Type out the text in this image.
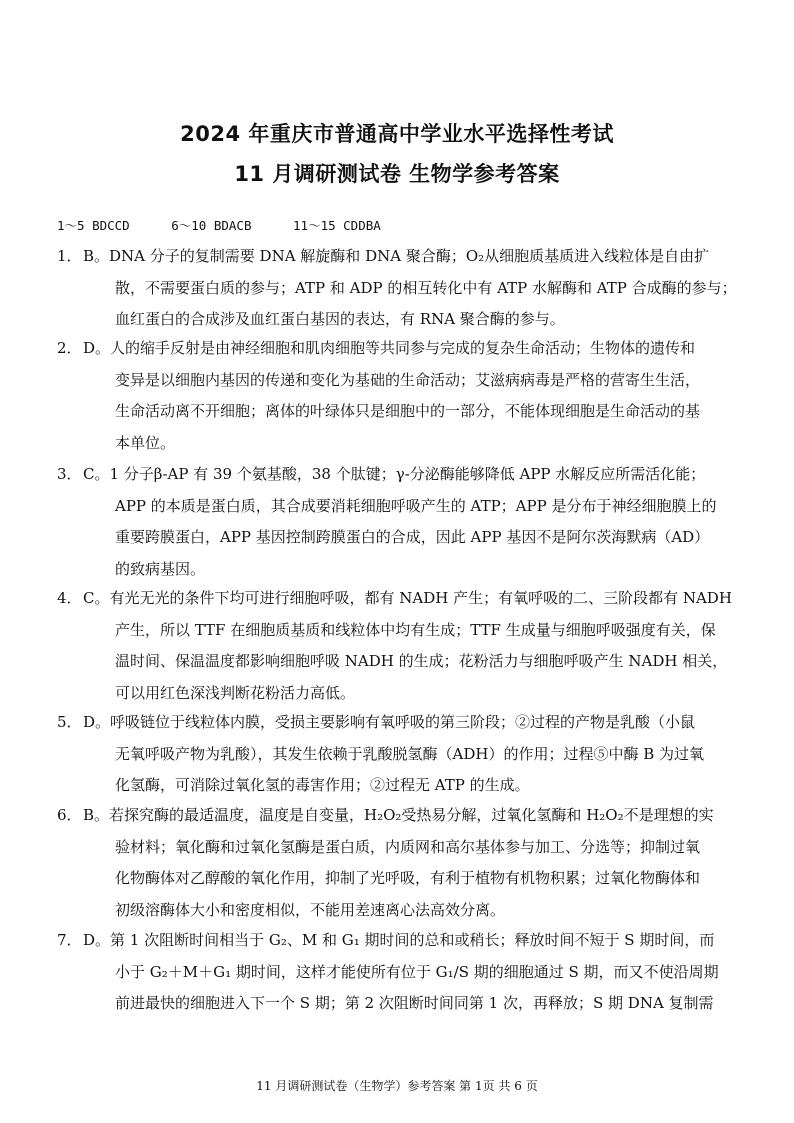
2024 年重庆市普通高中学业水平选择性考试
11 月调研测试卷 生物学参考答案
1～5 BDCCD	6～10 BDACB	11～15 CDDBA
1． B。DNA 分子的复制需要 DNA 解旋酶和 DNA 聚合酶；O₂从细胞质基质进入线粒体是自由扩

散，不需要蛋白质的参与；ATP 和 ADP 的相互转化中有 ATP 水解酶和 ATP 合成酶的参与；

血红蛋白的合成涉及血红蛋白基因的表达，有 RNA 聚合酶的参与。

2． D。人的缩手反射是由神经细胞和肌肉细胞等共同参与完成的复杂生命活动；生物体的遗传和

变异是以细胞内基因的传递和变化为基础的生命活动；艾滋病病毒是严格的营寄生生活，

生命活动离不开细胞；离体的叶绿体只是细胞中的一部分，不能体现细胞是生命活动的基

本单位。

3． C。1 分子β-AP 有 39 个氨基酸，38 个肽键；γ-分泌酶能够降低 APP 水解反应所需活化能；

APP 的本质是蛋白质，其合成要消耗细胞呼吸产生的 ATP；APP 是分布于神经细胞膜上的

重要跨膜蛋白，APP 基因控制跨膜蛋白的合成，因此 APP 基因不是阿尔茨海默病（AD）

的致病基因。

4． C。有光无光的条件下均可进行细胞呼吸，都有 NADH 产生；有氧呼吸的二、三阶段都有 NADH

产生，所以 TTF 在细胞质基质和线粒体中均有生成；TTF 生成量与细胞呼吸强度有关，保

温时间、保温温度都影响细胞呼吸 NADH 的生成；花粉活力与细胞呼吸产生 NADH 相关，

可以用红色深浅判断花粉活力高低。

5． D。呼吸链位于线粒体内膜，受损主要影响有氧呼吸的第三阶段；②过程的产物是乳酸（小鼠

无氧呼吸产物为乳酸），其发生依赖于乳酸脱氢酶（ADH）的作用；过程⑤中酶 B 为过氧

化氢酶，可消除过氧化氢的毒害作用；②过程无 ATP 的生成。

6． B。若探究酶的最适温度，温度是自变量，H₂O₂受热易分解，过氧化氢酶和 H₂O₂不是理想的实

验材料；氧化酶和过氧化氢酶是蛋白质，内质网和高尔基体参与加工、分选等；抑制过氧

化物酶体对乙醇酸的氧化作用，抑制了光呼吸，有利于植物有机物积累；过氧化物酶体和

初级溶酶体大小和密度相似，不能用差速离心法高效分离。

7． D。第 1 次阻断时间相当于 G₂、M 和 G₁ 期时间的总和或稍长；释放时间不短于 S 期时间，而

小于 G₂＋M＋G₁ 期时间，这样才能使所有位于 G₁/S 期的细胞通过 S 期，而又不使沿周期

前进最快的细胞进入下一个 S 期；第 2 次阻断时间同第 1 次，再释放；S 期 DNA 复制需

11 月调研测试卷（生物学）参考答案 第 1页 共 6 页
